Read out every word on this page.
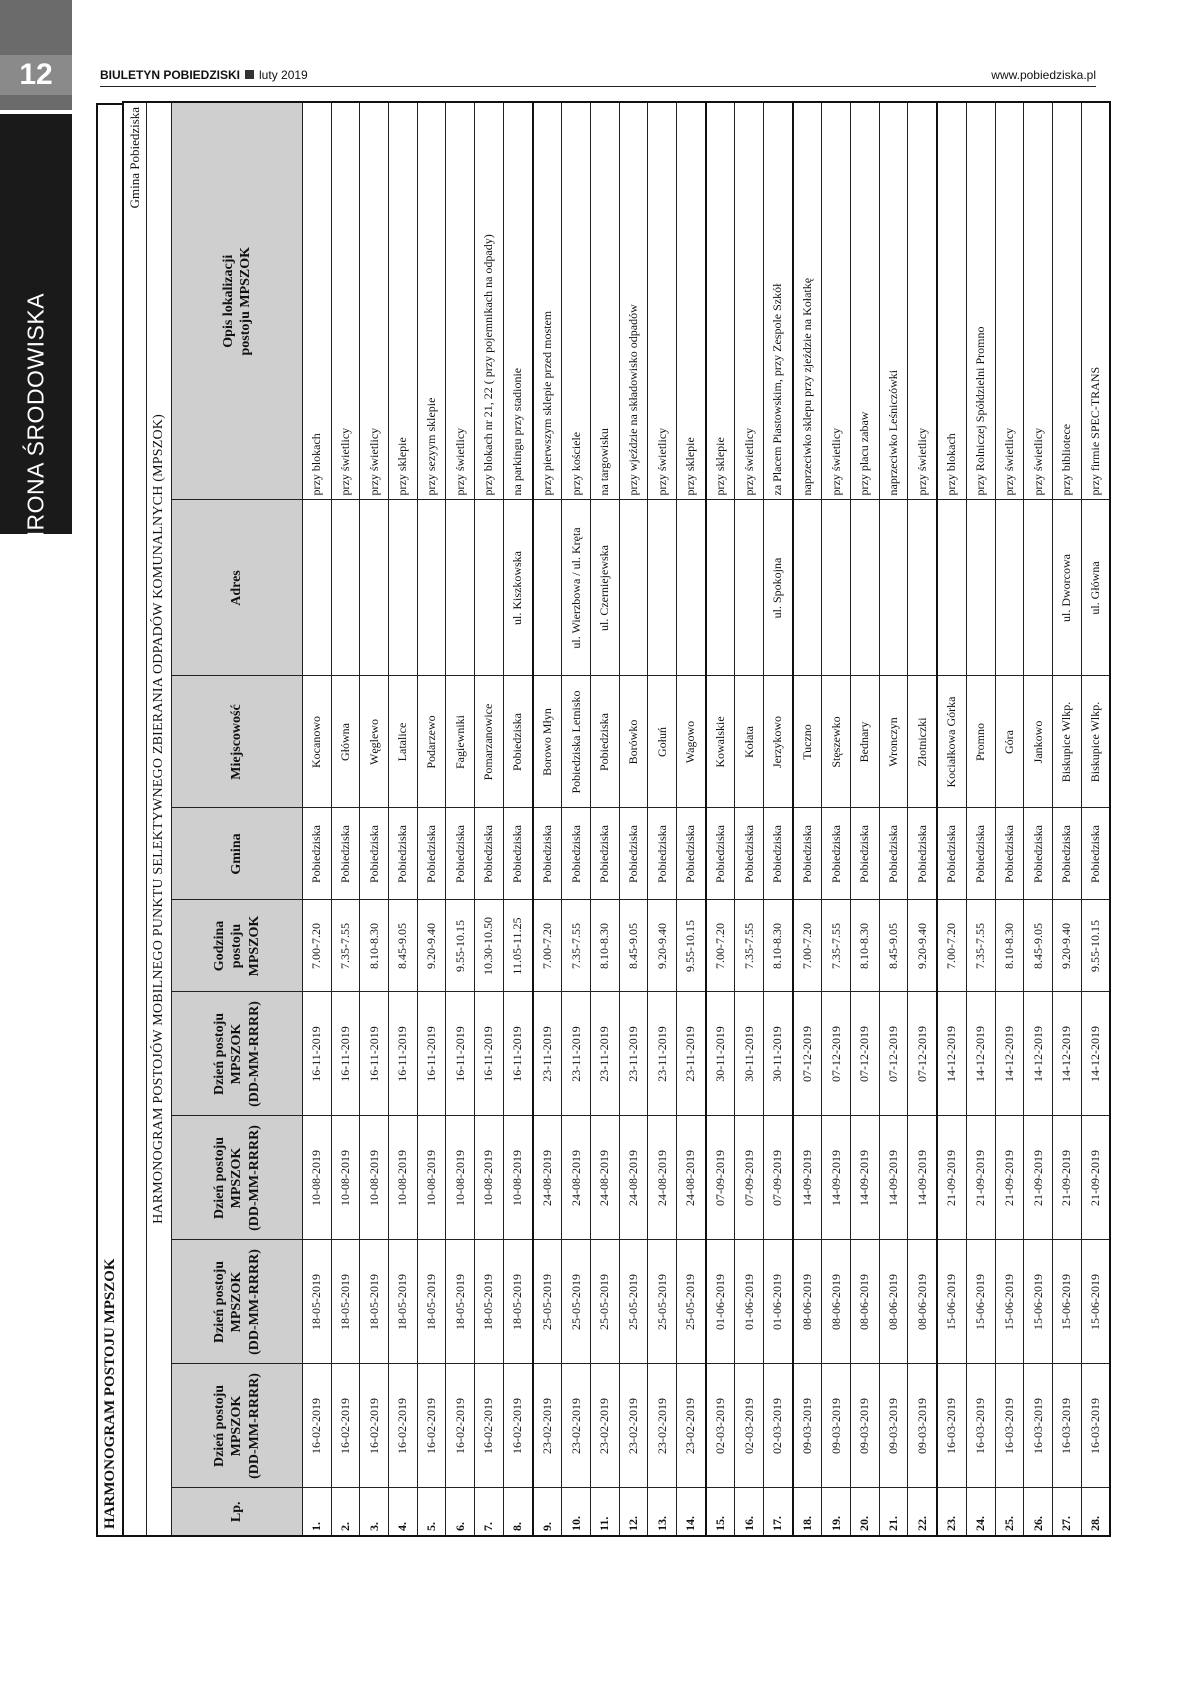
12
OCHRONA ŚRODOWISKA
BIULETYN POBIEDZISKI luty 2019	www.pobiedziska.pl
HARMONOGRAM POSTOJU MPSZOK
Gmina Pobiedziska									
HARMONOGRAM POSTOJÓW MOBILNEGO PUNKTU SELEKTYWNEGO ZBIERANIA ODPADÓW KOMUNALNYCH (MPSZOK)									
Lp.	Dzień postoju MPSZOK (DD-MM-RRRR)	Dzień postoju MPSZOK (DD-MM-RRRR)	Dzień postoju MPSZOK (DD-MM-RRRR)	Dzień postoju MPSZOK (DD-MM-RRRR)	Godzina postoju MPSZOK	Gmina	Miejscowość	Adres	Opis lokalizacji postoju MPSZOK

1.	16-02-2019	18-05-2019	10-08-2019	16-11-2019	7.00-7.20	Pobiedziska	Kocanowo		przy blokach
2.	16-02-2019	18-05-2019	10-08-2019	16-11-2019	7.35-7.55	Pobiedziska	Główna		przy świetlicy
3.	16-02-2019	18-05-2019	10-08-2019	16-11-2019	8.10-8.30	Pobiedziska	Węglewo		przy świetlicy
4.	16-02-2019	18-05-2019	10-08-2019	16-11-2019	8.45-9.05	Pobiedziska	Latalice		przy sklepie
5.	16-02-2019	18-05-2019	10-08-2019	16-11-2019	9.20-9.40	Pobiedziska	Podarzewo		przy sezyym sklepie
6.	16-02-2019	18-05-2019	10-08-2019	16-11-2019	9.55-10.15	Pobiedziska	Fagiewniki		przy świetlicy
7.	16-02-2019	18-05-2019	10-08-2019	16-11-2019	10.30-10.50	Pobiedziska	Pomarzanowice		przy blokach nr 21, 22 ( przy pojemnikach na odpady)
8.	16-02-2019	18-05-2019	10-08-2019	16-11-2019	11.05-11.25	Pobiedziska	Pobiedziska	ul. Kiszkowska	na parkingu przy stadionie
9.	23-02-2019	25-05-2019	24-08-2019	23-11-2019	7.00-7.20	Pobiedziska	Borowo Młyn		przy pierwszym sklepie przed mostem
10.	23-02-2019	25-05-2019	24-08-2019	23-11-2019	7.35-7.55	Pobiedziska	Pobiedziska Letnisko	ul. Wierzbowa / ul. Kręta	przy kościele
11.	23-02-2019	25-05-2019	24-08-2019	23-11-2019	8.10-8.30	Pobiedziska	Pobiedziska	ul. Czerniejewska	na targowisku
12.	23-02-2019	25-05-2019	24-08-2019	23-11-2019	8.45-9.05	Pobiedziska	Borówko		przy wjeździe na składowisko odpadów
13.	23-02-2019	25-05-2019	24-08-2019	23-11-2019	9.20-9.40	Pobiedziska	Gołuń		przy świetlicy
14.	23-02-2019	25-05-2019	24-08-2019	23-11-2019	9.55-10.15	Pobiedziska	Wagowo		przy sklepie
15.	02-03-2019	01-06-2019	07-09-2019	30-11-2019	7.00-7.20	Pobiedziska	Kowalskie		przy sklepie
16.	02-03-2019	01-06-2019	07-09-2019	30-11-2019	7.35-7.55	Pobiedziska	Kołata		przy świetlicy
17.	02-03-2019	01-06-2019	07-09-2019	30-11-2019	8.10-8.30	Pobiedziska	Jerzykowo	ul. Spokojna	za Placem Piastowskim, przy Zespole Szkół
18.	09-03-2019	08-06-2019	14-09-2019	07-12-2019	7.00-7.20	Pobiedziska	Tuczno		naprzeciwko sklepu przy zjeździe na Kołatkę
19.	09-03-2019	08-06-2019	14-09-2019	07-12-2019	7.35-7.55	Pobiedziska	Stęszewko		przy świetlicy
20.	09-03-2019	08-06-2019	14-09-2019	07-12-2019	8.10-8.30	Pobiedziska	Bednary		przy placu zabaw
21.	09-03-2019	08-06-2019	14-09-2019	07-12-2019	8.45-9.05	Pobiedziska	Wronczyn		naprzeciwko Leśniczówki
22.	09-03-2019	08-06-2019	14-09-2019	07-12-2019	9.20-9.40	Pobiedziska	Złotniczki		przy świetlicy
23.	16-03-2019	15-06-2019	21-09-2019	14-12-2019	7.00-7.20	Pobiedziska	Kociałkowa Górka		przy blokach
24.	16-03-2019	15-06-2019	21-09-2019	14-12-2019	7.35-7.55	Pobiedziska	Promno		przy Rolniczej Spółdzielni Promno
25.	16-03-2019	15-06-2019	21-09-2019	14-12-2019	8.10-8.30	Pobiedziska	Góra		przy świetlicy
26.	16-03-2019	15-06-2019	21-09-2019	14-12-2019	8.45-9.05	Pobiedziska	Jankowo		przy świetlicy
27.	16-03-2019	15-06-2019	21-09-2019	14-12-2019	9.20-9.40	Pobiedziska	Biskupice Wlkp.	ul. Dworcowa	przy bibliotece
28.	16-03-2019	15-06-2019	21-09-2019	14-12-2019	9.55-10.15	Pobiedziska	Biskupice Wlkp.	ul. Główna	przy firmie SPEC-TRANS
